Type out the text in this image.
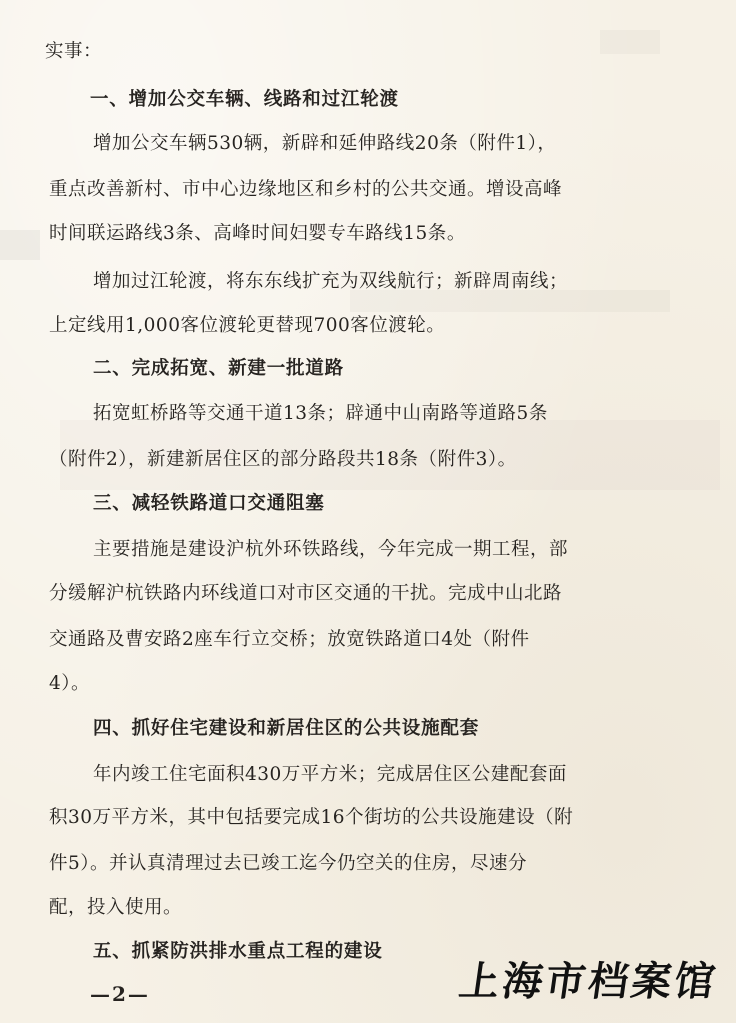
实事：
一、增加公交车辆、线路和过江轮渡
增加公交车辆530辆，新辟和延伸路线20条（附件1），
重点改善新村、市中心边缘地区和乡村的公共交通。增设高峰
时间联运路线3条、高峰时间妇婴专车路线15条。
增加过江轮渡，将东东线扩充为双线航行；新辟周南线；
上定线用1,000客位渡轮更替现700客位渡轮。
二、完成拓宽、新建一批道路
拓宽虹桥路等交通干道13条；辟通中山南路等道路5条
（附件2），新建新居住区的部分路段共18条（附件3）。
三、减轻铁路道口交通阻塞
主要措施是建设沪杭外环铁路线，今年完成一期工程，部
分缓解沪杭铁路内环线道口对市区交通的干扰。完成中山北路
交通路及曹安路2座车行立交桥；放宽铁路道口4处（附件
4）。
四、抓好住宅建设和新居住区的公共设施配套
年内竣工住宅面积430万平方米；完成居住区公建配套面
积30万平方米，其中包括要完成16个街坊的公共设施建设（附
件5）。并认真清理过去已竣工迄今仍空关的住房，尽速分
配，投入使用。
五、抓紧防洪排水重点工程的建设
—2—	上海市档案馆
